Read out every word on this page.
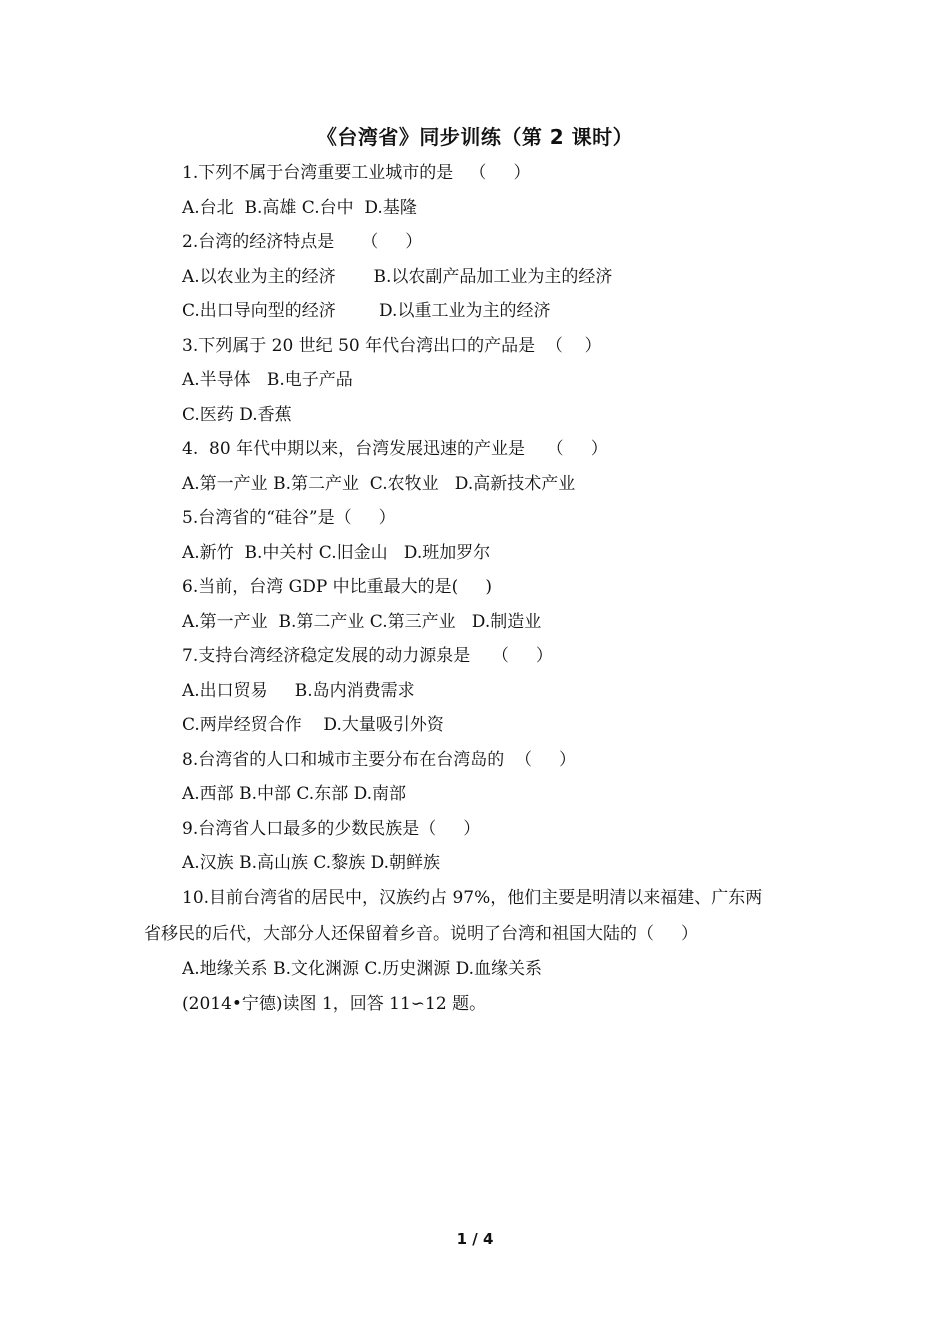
《台湾省》同步训练（第 2 课时）
1.下列不属于台湾重要工业城市的是   （     ）
A.台北  B.高雄 C.台中  D.基隆
2.台湾的经济特点是     （     ）
A.以农业为主的经济       B.以农副产品加工业为主的经济
C.出口导向型的经济        D.以重工业为主的经济
3.下列属于 20 世纪 50 年代台湾出口的产品是  （    ）
A.半导体   B.电子产品
C.医药 D.香蕉
4.  80 年代中期以来，台湾发展迅速的产业是    （     ）
A.第一产业 B.第二产业  C.农牧业   D.高新技术产业
5.台湾省的“硅谷”是（     ）
A.新竹  B.中关村 C.旧金山   D.班加罗尔
6.当前，台湾 GDP 中比重最大的是(     )
A.第一产业  B.第二产业 C.第三产业   D.制造业
7.支持台湾经济稳定发展的动力源泉是    （     ）
A.出口贸易     B.岛内消费需求
C.两岸经贸合作    D.大量吸引外资
8.台湾省的人口和城市主要分布在台湾岛的  （     ）
A.西部 B.中部 C.东部 D.南部
9.台湾省人口最多的少数民族是（     ）
A.汉族 B.高山族 C.黎族 D.朝鲜族
10.目前台湾省的居民中，汉族约占 97%，他们主要是明清以来福建、广东两
省移民的后代，大部分人还保留着乡音。说明了台湾和祖国大陆的（     ）
A.地缘关系 B.文化渊源 C.历史渊源 D.血缘关系
(2014•宁德)读图 1，回答 11∽12 题。
1 / 4
